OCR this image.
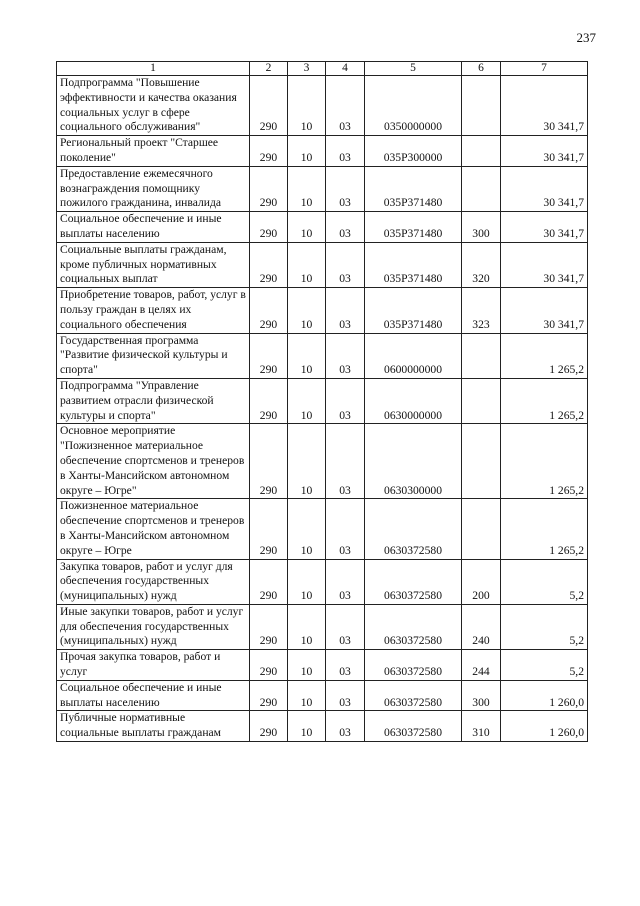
237
1	2	3	4	5	6	7
Подпрограмма "Повышение эффективности и качества оказания социальных услуг в сфере социального обслуживания"	290	10	03	0350000000		30 341,7
Региональный проект "Старшее поколение"	290	10	03	035P300000		30 341,7
Предоставление ежемесячного вознаграждения помощнику пожилого гражданина, инвалида	290	10	03	035P371480		30 341,7
Социальное обеспечение и иные выплаты населению	290	10	03	035P371480	300	30 341,7
Социальные выплаты гражданам, кроме публичных нормативных социальных выплат	290	10	03	035P371480	320	30 341,7
Приобретение товаров, работ, услуг в пользу граждан в целях их социального обеспечения	290	10	03	035P371480	323	30 341,7
Государственная программа "Развитие физической культуры и спорта"	290	10	03	0600000000		1 265,2
Подпрограмма "Управление развитием отрасли физической культуры и спорта"	290	10	03	0630000000		1 265,2
Основное мероприятие "Пожизненное материальное обеспечение спортсменов и тренеров в Ханты-Мансийском автономном округе – Югре"	290	10	03	0630300000		1 265,2
Пожизненное материальное обеспечение спортсменов и тренеров в Ханты-Мансийском автономном округе – Югре	290	10	03	0630372580		1 265,2
Закупка товаров, работ и услуг для обеспечения государственных (муниципальных) нужд	290	10	03	0630372580	200	5,2
Иные закупки товаров, работ и услуг для обеспечения государственных (муниципальных) нужд	290	10	03	0630372580	240	5,2
Прочая закупка товаров, работ и услуг	290	10	03	0630372580	244	5,2
Социальное обеспечение и иные выплаты населению	290	10	03	0630372580	300	1 260,0
Публичные нормативные социальные выплаты гражданам	290	10	03	0630372580	310	1 260,0
